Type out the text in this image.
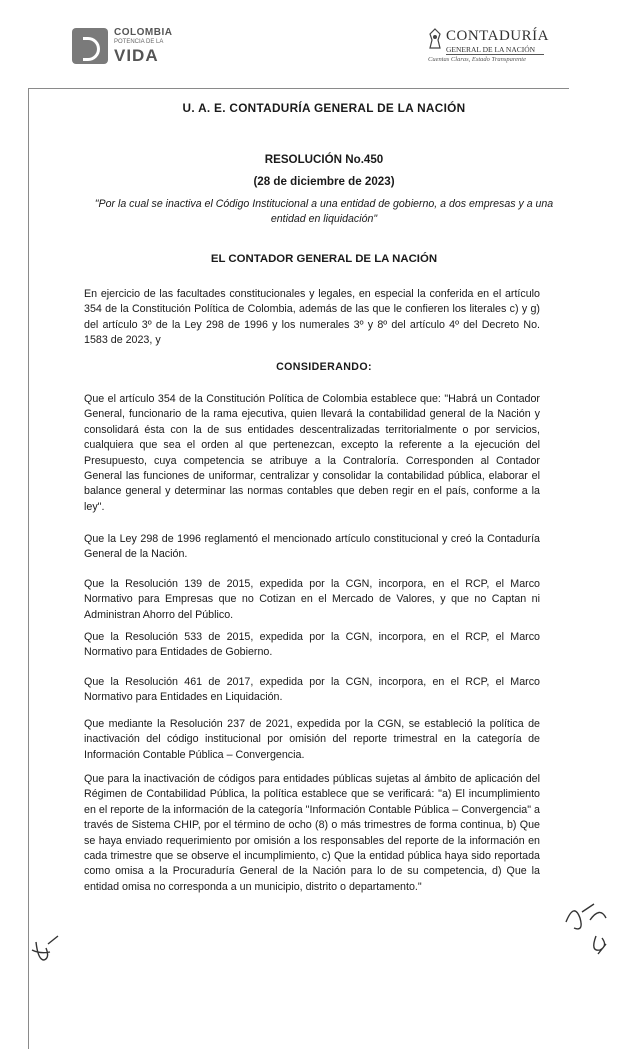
COLOMBIA
POTENCIA DE LA
VIDA
CONTADURÍA
GENERAL DE LA NACIÓN
Cuentas Claras, Estado Transparente
U. A. E. CONTADURÍA GENERAL DE LA NACIÓN
RESOLUCIÓN No.450
(28 de diciembre de 2023)
"Por la cual se inactiva el Código Institucional a una entidad de gobierno, a dos empresas y a una entidad en liquidación"
EL CONTADOR GENERAL DE LA NACIÓN
En ejercicio de las facultades constitucionales y legales, en especial la conferida en el artículo 354 de la Constitución Política de Colombia, además de las que le confieren los literales c) y g) del artículo 3º de la Ley 298 de 1996 y los numerales 3º y 8º del artículo 4º del Decreto No. 1583 de 2023, y
CONSIDERANDO:
Que el artículo 354 de la Constitución Política de Colombia establece que: "Habrá un Contador General, funcionario de la rama ejecutiva, quien llevará la contabilidad general de la Nación y consolidará ésta con la de sus entidades descentralizadas territorialmente o por servicios, cualquiera que sea el orden al que pertenezcan, excepto la referente a la ejecución del Presupuesto, cuya competencia se atribuye a la Contraloría. Corresponden al Contador General las funciones de uniformar, centralizar y consolidar la contabilidad pública, elaborar el balance general y determinar las normas contables que deben regir en el país, conforme a la ley".
Que la Ley 298 de 1996 reglamentó el mencionado artículo constitucional y creó la Contaduría General de la Nación.
Que la Resolución 139 de 2015, expedida por la CGN, incorpora, en el RCP, el Marco Normativo para Empresas que no Cotizan en el Mercado de Valores, y que no Captan ni Administran Ahorro del Público.
Que la Resolución 533 de 2015, expedida por la CGN, incorpora, en el RCP, el Marco Normativo para Entidades de Gobierno.
Que la Resolución 461 de 2017, expedida por la CGN, incorpora, en el RCP, el Marco Normativo para Entidades en Liquidación.
Que mediante la Resolución 237 de 2021, expedida por la CGN, se estableció la política de inactivación del código institucional por omisión del reporte trimestral en la categoría de Información Contable Pública – Convergencia.
Que para la inactivación de códigos para entidades públicas sujetas al ámbito de aplicación del Régimen de Contabilidad Pública, la política establece que se verificará: "a) El incumplimiento en el reporte de la información de la categoría "Información Contable Pública – Convergencia" a través de Sistema CHIP, por el término de ocho (8) o más trimestres de forma continua, b) Que se haya enviado requerimiento por omisión a los responsables del reporte de la información en cada trimestre que se observe el incumplimiento, c) Que la entidad pública haya sido reportada como omisa a la Procuraduría General de la Nación para lo de su competencia, d) Que la entidad omisa no corresponda a un municipio, distrito o departamento."
